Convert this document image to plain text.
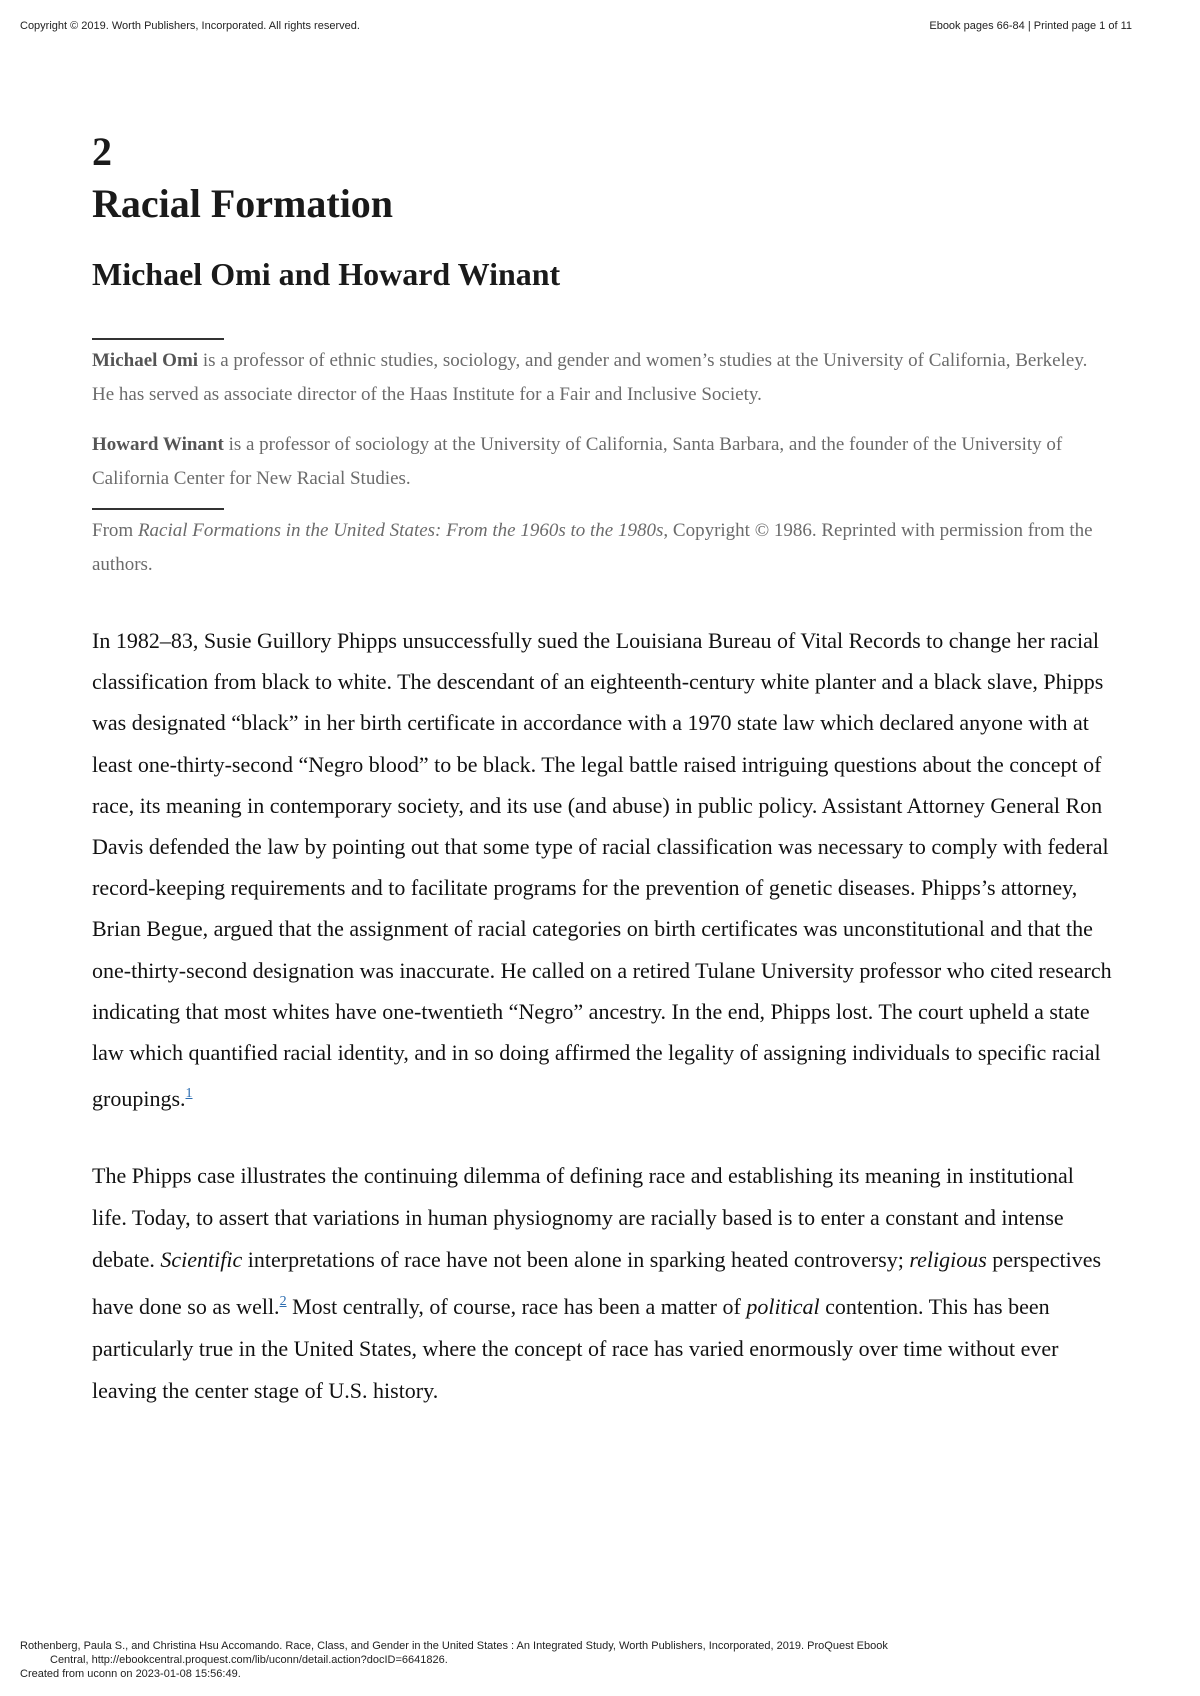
Copyright © 2019. Worth Publishers, Incorporated. All rights reserved.	Ebook pages 66-84 | Printed page 1 of 11
2
Racial Formation
Michael Omi and Howard Winant

Michael Omi is a professor of ethnic studies, sociology, and gender and women’s studies at the University of California, Berkeley. He has served as associate director of the Haas Institute for a Fair and Inclusive Society.

Howard Winant is a professor of sociology at the University of California, Santa Barbara, and the founder of the University of California Center for New Racial Studies.

From Racial Formations in the United States: From the 1960s to the 1980s, Copyright © 1986. Reprinted with permission from the authors.

In 1982–83, Susie Guillory Phipps unsuccessfully sued the Louisiana Bureau of Vital Records to change her racial classification from black to white. The descendant of an eighteenth-century white planter and a black slave, Phipps was designated “black” in her birth certificate in accordance with a 1970 state law which declared anyone with at least one-thirty-second “Negro blood” to be black. The legal battle raised intriguing questions about the concept of race, its meaning in contemporary society, and its use (and abuse) in public policy. Assistant Attorney General Ron Davis defended the law by pointing out that some type of racial classification was necessary to comply with federal record-keeping requirements and to facilitate programs for the prevention of genetic diseases. Phipps’s attorney, Brian Begue, argued that the assignment of racial categories on birth certificates was unconstitutional and that the one-thirty-second designation was inaccurate. He called on a retired Tulane University professor who cited research indicating that most whites have one-twentieth “Negro” ancestry. In the end, Phipps lost. The court upheld a state law which quantified racial identity, and in so doing affirmed the legality of assigning individuals to specific racial groupings.$^1$

The Phipps case illustrates the continuing dilemma of defining race and establishing its meaning in institutional life. Today, to assert that variations in human physiognomy are racially based is to enter a constant and intense debate. Scientific interpretations of race have not been alone in sparking heated controversy; religious perspectives have done so as well.$^2$ Most centrally, of course, race has been a matter of political contention. This has been particularly true in the United States, where the concept of race has varied enormously over time without ever leaving the center stage of U.S. history.

Rothenberg, Paula S., and Christina Hsu Accomando. Race, Class, and Gender in the United States : An Integrated Study, Worth Publishers, Incorporated, 2019. ProQuest Ebook
Central, http://ebookcentral.proquest.com/lib/uconn/detail.action?docID=6641826.
Created from uconn on 2023-01-08 15:56:49.
